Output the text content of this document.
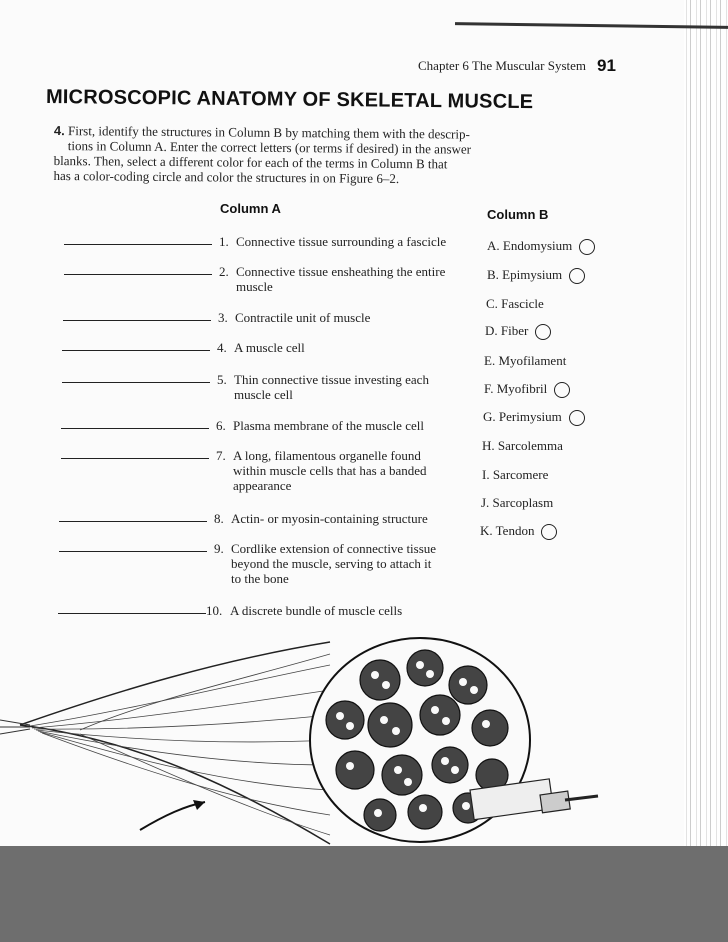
Chapter 6 The Muscular System 91
MICROSCOPIC ANATOMY OF SKELETAL MUSCLE
4. First, identify the structures in Column B by matching them with the descrip-
tions in Column A. Enter the correct letters (or terms if desired) in the answer
blanks. Then, select a different color for each of the terms in Column B that
has a color-coding circle and color the structures in on Figure 6–2.
Column A	Column B
1. Connective tissue surrounding a fascicle
2. Connective tissue ensheathing the entire
muscle
3. Contractile unit of muscle
4. A muscle cell
5. Thin connective tissue investing each
muscle cell
6. Plasma membrane of the muscle cell
7. A long, filamentous organelle found
within muscle cells that has a banded
appearance
8. Actin- or myosin-containing structure
9. Cordlike extension of connective tissue
beyond the muscle, serving to attach it
to the bone
10. A discrete bundle of muscle cells
A. Endomysium
B. Epimysium
C. Fascicle
D. Fiber
E. Myofilament
F. Myofibril
G. Perimysium
H. Sarcolemma
I. Sarcomere
J. Sarcoplasm
K. Tendon
